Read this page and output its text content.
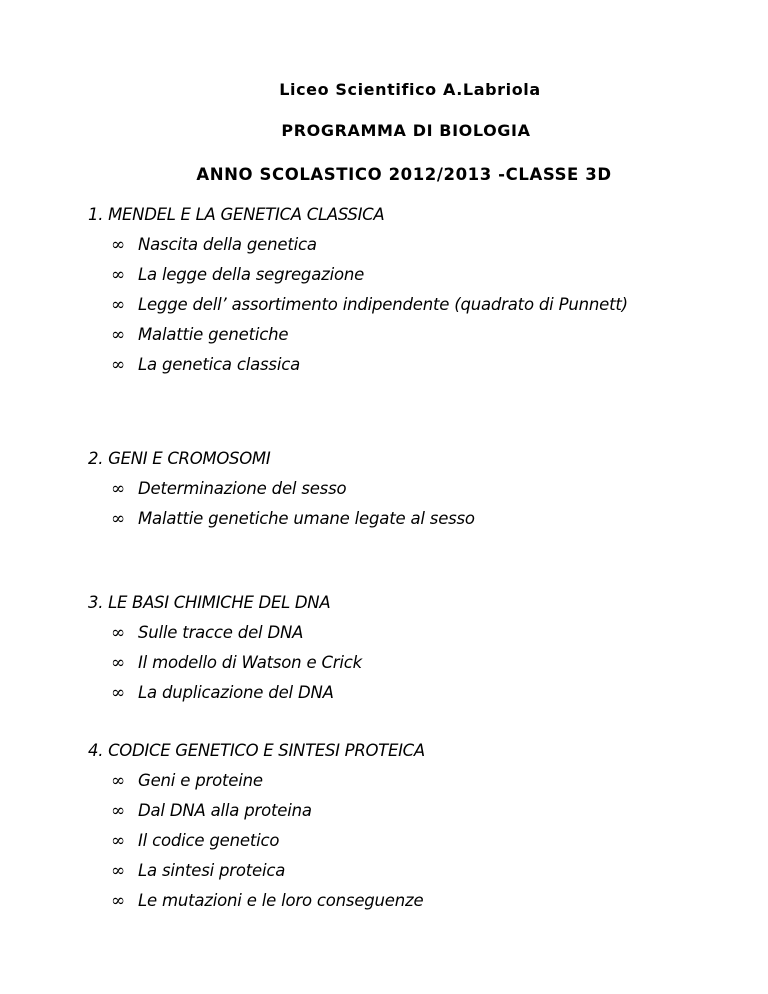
Liceo Scientifico A.Labriola
PROGRAMMA DI BIOLOGIA
ANNO SCOLASTICO 2012/2013 -CLASSE 3D
1. MENDEL E LA GENETICA CLASSICA
∞ Nascita della genetica
∞ La legge della segregazione
∞ Legge dell’ assortimento indipendente (quadrato di Punnett)
∞ Malattie genetiche
∞ La genetica classica
2. GENI E CROMOSOMI
∞ Determinazione del sesso
∞ Malattie genetiche umane legate al sesso
3. LE BASI CHIMICHE DEL DNA
∞ Sulle tracce del DNA
∞ Il modello di Watson e Crick
∞ La duplicazione del DNA
4. CODICE GENETICO E SINTESI PROTEICA
∞ Geni e proteine
∞ Dal DNA alla proteina
∞ Il codice genetico
∞ La sintesi proteica
∞ Le mutazioni e le loro conseguenze
